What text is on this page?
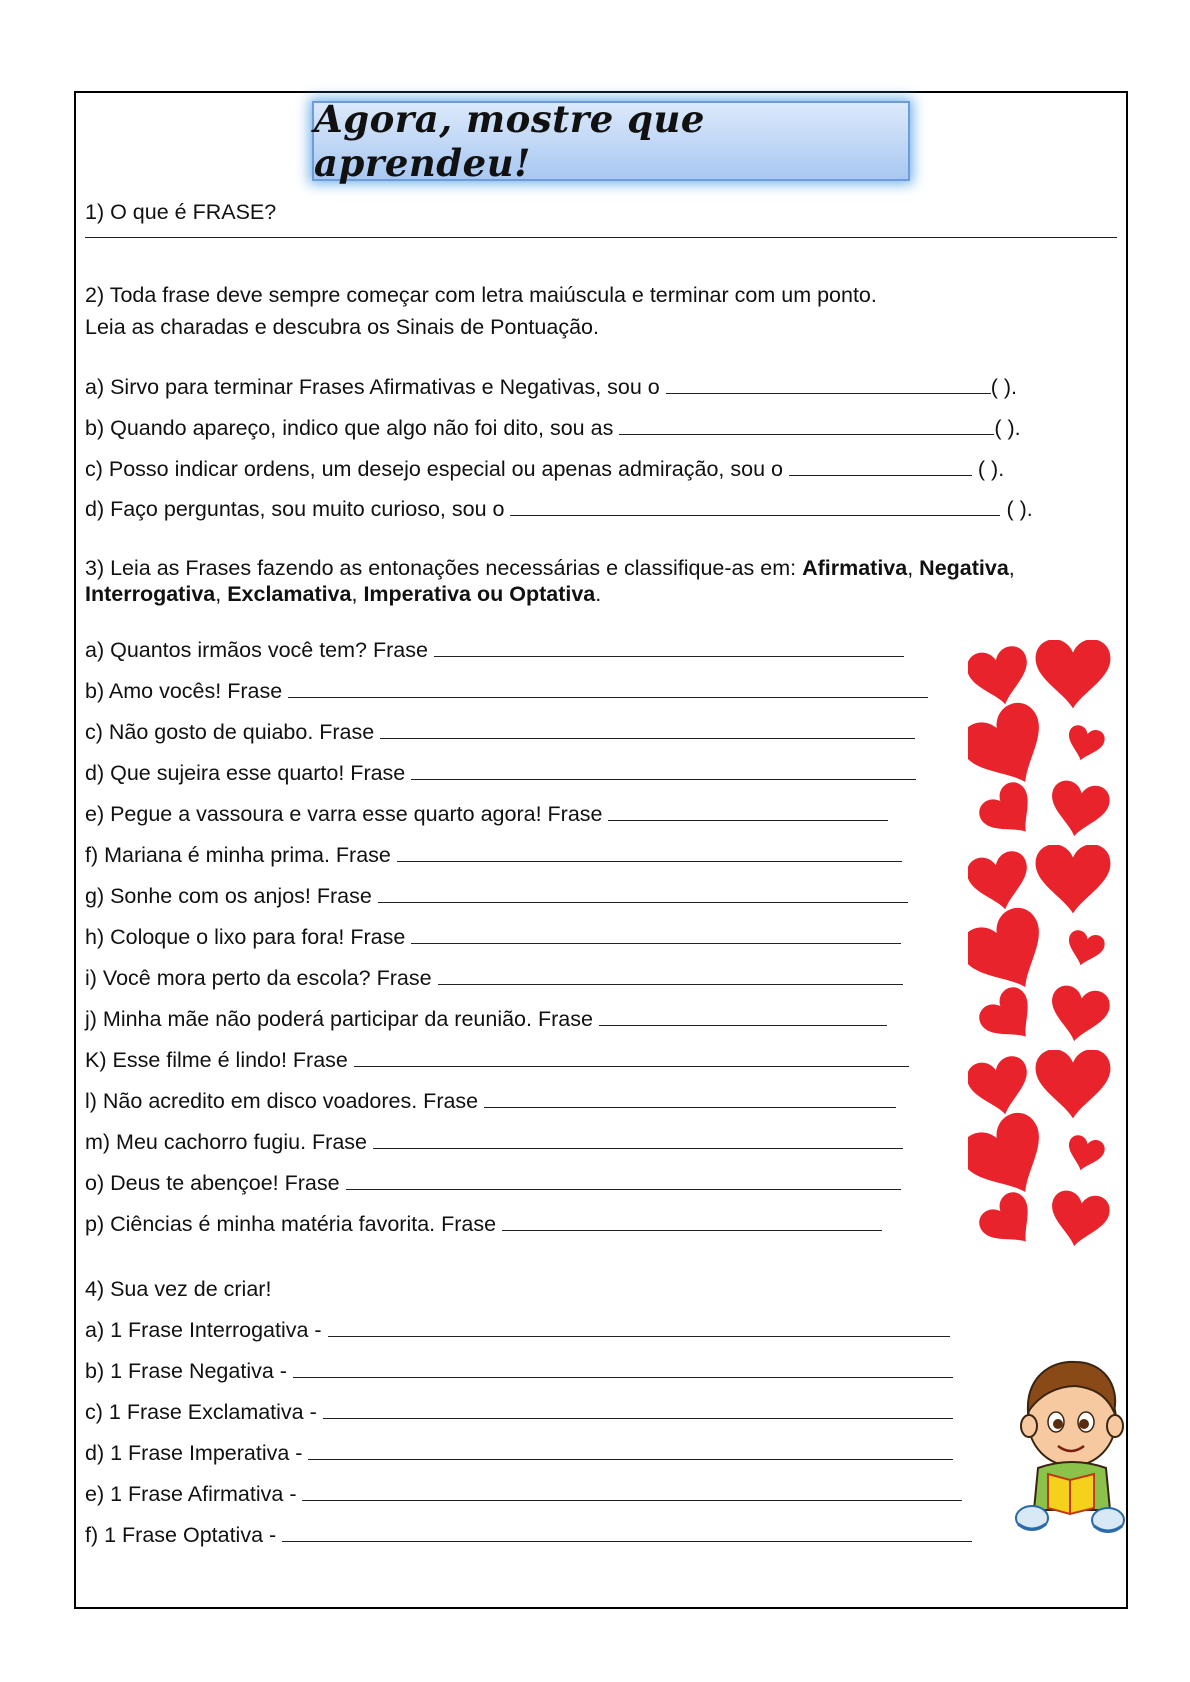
Agora, mostre que aprendeu!
1) O que é FRASE?
2) Toda frase deve sempre começar com letra maiúscula e terminar com um ponto.
Leia as charadas e descubra os Sinais de Pontuação.
a) Sirvo para terminar Frases Afirmativas e Negativas, sou o	( ).
b) Quando apareço, indico que algo não foi dito, sou as	( ).
c) Posso indicar ordens, um desejo especial ou apenas admiração, sou o	( ).
d) Faço perguntas, sou muito curioso, sou o	( ).
3) Leia as Frases fazendo as entonações necessárias e classifique-as em: Afirmativa, Negativa, Interrogativa, Exclamativa, Imperativa ou Optativa.
a) Quantos irmãos você tem? Frase
b) Amo vocês! Frase
c) Não gosto de quiabo. Frase
d) Que sujeira esse quarto! Frase
e) Pegue a vassoura e varra esse quarto agora! Frase
f) Mariana é minha prima. Frase
g) Sonhe com os anjos! Frase
h) Coloque o lixo para fora! Frase
i) Você mora perto da escola? Frase
j) Minha mãe não poderá participar da reunião. Frase
K) Esse filme é lindo! Frase
l) Não acredito em disco voadores. Frase
m) Meu cachorro fugiu. Frase
o) Deus te abençoe! Frase
p) Ciências é minha matéria favorita. Frase
4) Sua vez de criar!
a) 1 Frase Interrogativa -
b) 1 Frase Negativa -
c) 1 Frase Exclamativa -
d) 1 Frase Imperativa -
e) 1 Frase Afirmativa -
f) 1 Frase Optativa -
